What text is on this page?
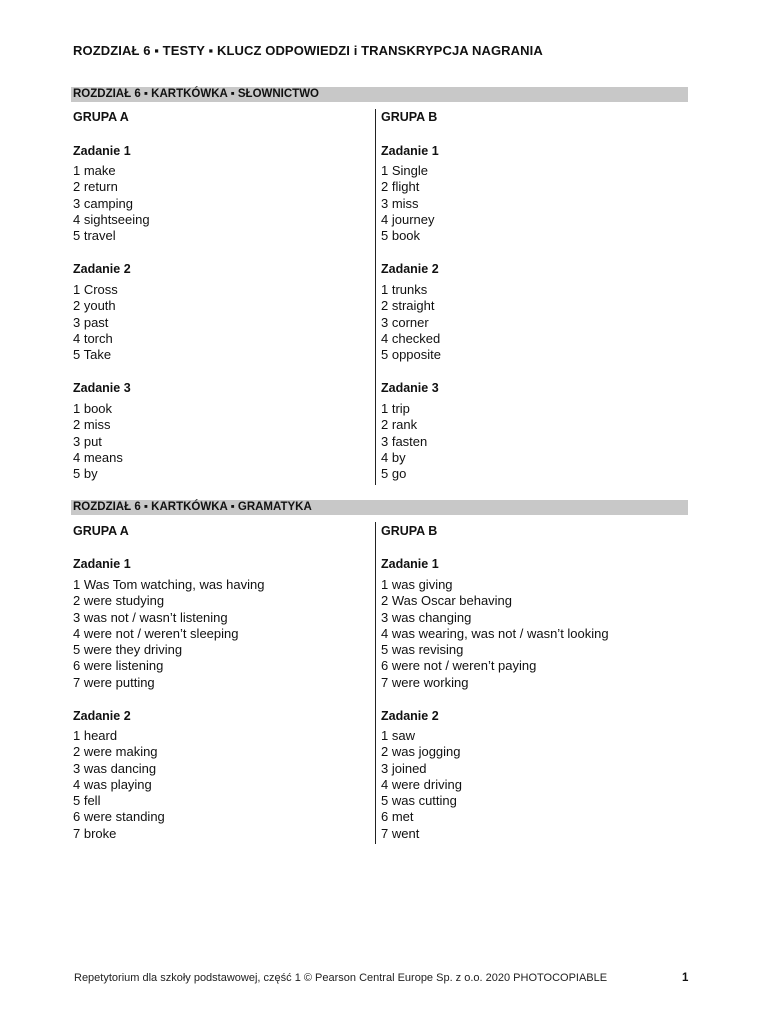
ROZDZIAŁ 6 ▪ TESTY ▪ KLUCZ ODPOWIEDZI i TRANSKRYPCJA NAGRANIA
ROZDZIAŁ 6 ▪ KARTKÓWKA ▪ SŁOWNICTWO
GRUPA A
Zadanie 1
1 make
2 return
3 camping
4 sightseeing
5 travel
Zadanie 2
1 Cross
2 youth
3 past
4 torch
5 Take
Zadanie 3
1 book
2 miss
3 put
4 means
5 by
GRUPA B
Zadanie 1
1 Single
2 flight
3 miss
4 journey
5 book
Zadanie 2
1 trunks
2 straight
3 corner
4 checked
5 opposite
Zadanie 3
1 trip
2 rank
3 fasten
4 by
5 go
ROZDZIAŁ 6 ▪ KARTKÓWKA ▪ GRAMATYKA
GRUPA A
Zadanie 1
1 Was Tom watching, was having
2 were studying
3 was not / wasn’t listening
4 were not / weren’t sleeping
5 were they driving
6 were listening
7 were putting
Zadanie 2
1 heard
2 were making
3 was dancing
4 was playing
5 fell
6 were standing
7 broke
GRUPA B
Zadanie 1
1 was giving
2 Was Oscar behaving
3 was changing
4 was wearing, was not / wasn’t looking
5 was revising
6 were not / weren’t paying
7 were working
Zadanie 2
1 saw
2 was jogging
3 joined
4 were driving
5 was cutting
6 met
7 went
Repetytorium dla szkoły podstawowej, część 1 © Pearson Central Europe Sp. z o.o. 2020 PHOTOCOPIABLE	1
